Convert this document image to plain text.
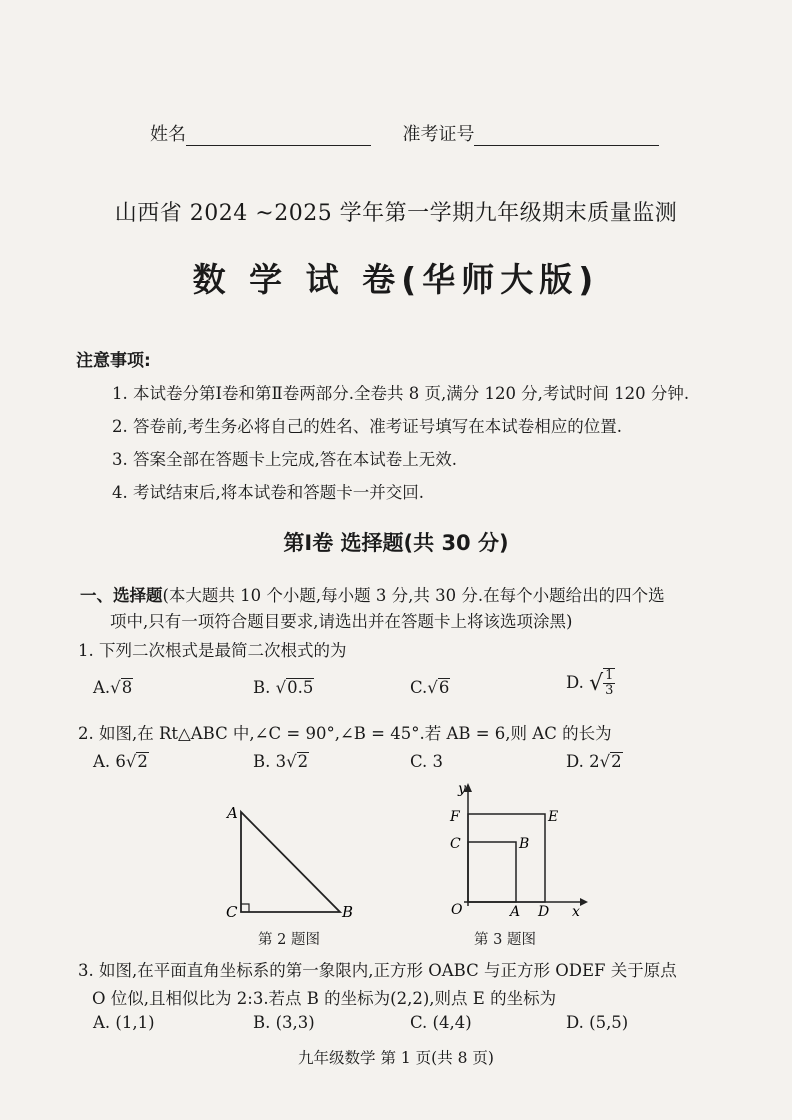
姓名	准考证号
山西省 2024 ~2025 学年第一学期九年级期末质量监测
数 学 试 卷(华师大版)
注意事项:
1. 本试卷分第Ⅰ卷和第Ⅱ卷两部分.全卷共 8 页,满分 120 分,考试时间 120 分钟.
2. 答卷前,考生务必将自己的姓名、准考证号填写在本试卷相应的位置.
3. 答案全部在答题卡上完成,答在本试卷上无效.
4. 考试结束后,将本试卷和答题卡一并交回.
第Ⅰ卷 选择题(共 30 分)
一、选择题(本大题共 10 个小题,每小题 3 分,共 30 分.在每个小题给出的四个选
项中,只有一项符合题目要求,请选出并在答题卡上将该选项涂黑)
1. 下列二次根式是最简二次根式的为
A.√8	B. √0.5	C.√6	D. √ $\frac{1}{3}$
2. 如图,在 Rt△ABC 中,∠C = 90°,∠B = 45°.若 AB = 6,则 AC 的长为
A. 6√2	B. 3√2	C. 3	D. 2√2
A
C	B
第 2 题图
y
x
O	A D
B
C
E
F
第 3 题图
3. 如图,在平面直角坐标系的第一象限内,正方形 OABC 与正方形 ODEF 关于原点
O 位似,且相似比为 2:3.若点 B 的坐标为(2,2),则点 E 的坐标为
A. (1,1)	B. (3,3)	C. (4,4)	D. (5,5)
九年级数学 第 1 页(共 8 页)
